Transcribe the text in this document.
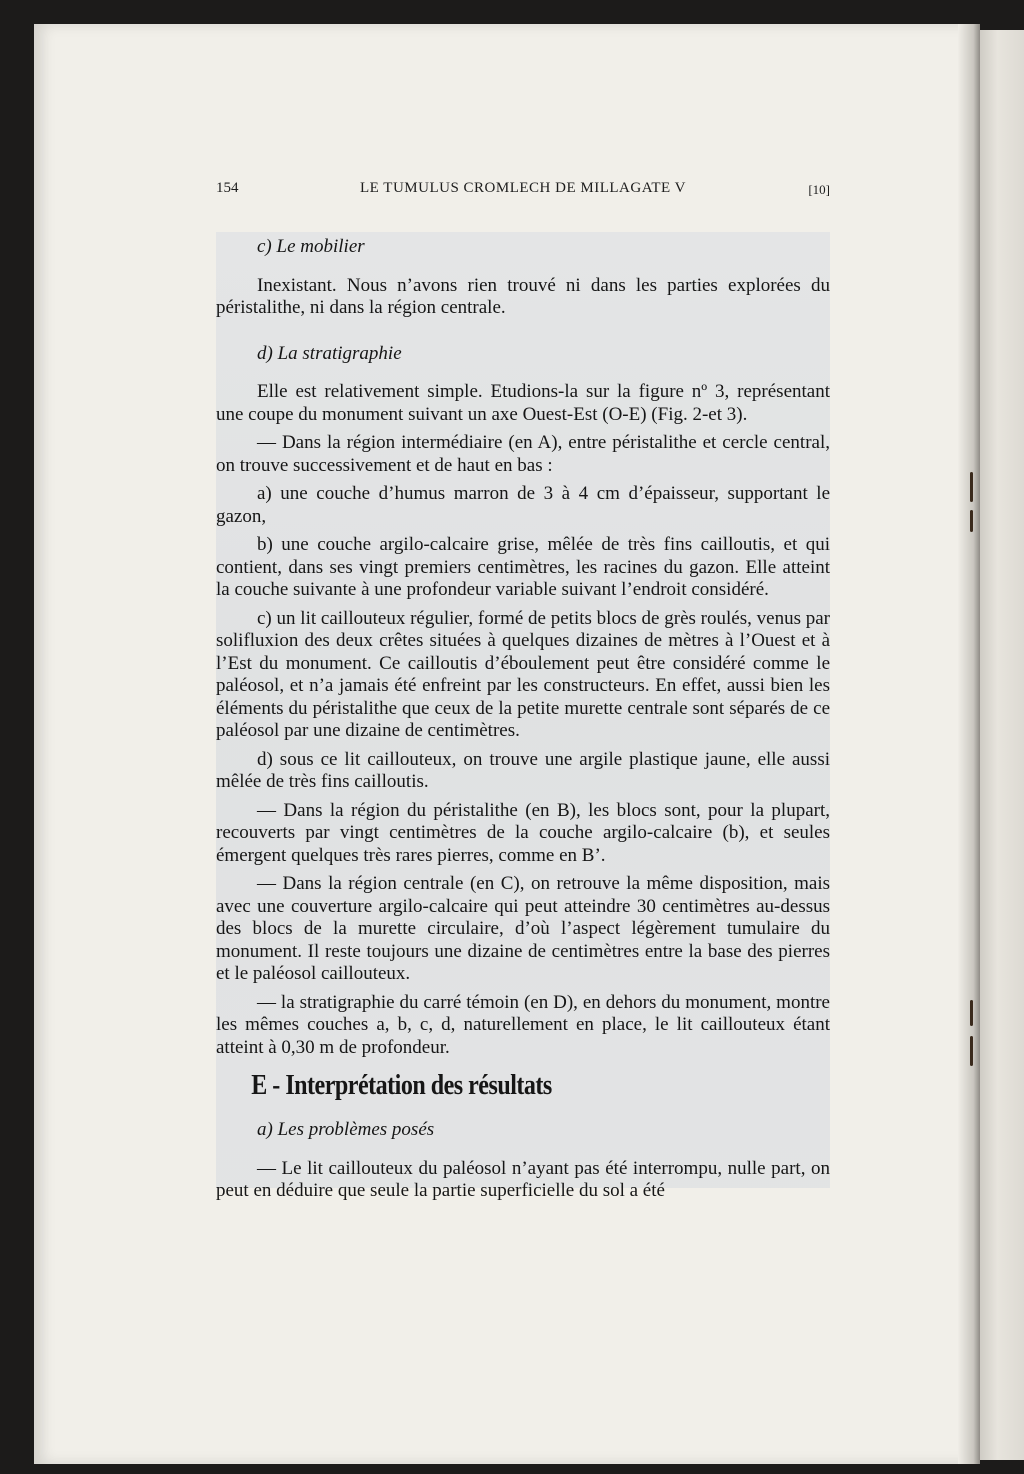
154	LE TUMULUS CROMLECH DE MILLAGATE V	[10]
c) Le mobilier

Inexistant. Nous n’avons rien trouvé ni dans les parties explorées du péristalithe, ni dans la région centrale.

d) La stratigraphie

Elle est relativement simple. Etudions-la sur la figure nº 3, représentant une coupe du monument suivant un axe Ouest-Est (O-E) (Fig. 2-et 3).

— Dans la région intermédiaire (en A), entre péristalithe et cercle central, on trouve successivement et de haut en bas :

a) une couche d’humus marron de 3 à 4 cm d’épaisseur, supportant le gazon,

b) une couche argilo-calcaire grise, mêlée de très fins cailloutis, et qui contient, dans ses vingt premiers centimètres, les racines du gazon. Elle atteint la couche suivante à une profondeur variable suivant l’endroit considéré.

c) un lit caillouteux régulier, formé de petits blocs de grès roulés, venus par solifluxion des deux crêtes situées à quelques dizaines de mètres à l’Ouest et à l’Est du monument. Ce cailloutis d’éboulement peut être considéré comme le paléosol, et n’a jamais été enfreint par les constructeurs. En effet, aussi bien les éléments du péristalithe que ceux de la petite murette centrale sont séparés de ce paléosol par une dizaine de centimètres.

d) sous ce lit caillouteux, on trouve une argile plastique jaune, elle aussi mêlée de très fins cailloutis.

— Dans la région du péristalithe (en B), les blocs sont, pour la plupart, recouverts par vingt centimètres de la couche argilo-calcaire (b), et seules émergent quelques très rares pierres, comme en B’.

— Dans la région centrale (en C), on retrouve la même disposition, mais avec une couverture argilo-calcaire qui peut atteindre 30 centimètres au-dessus des blocs de la murette circulaire, d’où l’aspect légèrement tumulaire du monument. Il reste toujours une dizaine de centimètres entre la base des pierres et le paléosol caillouteux.

— la stratigraphie du carré témoin (en D), en dehors du monument, montre les mêmes couches a, b, c, d, naturellement en place, le lit caillouteux étant atteint à 0,30 m de profondeur.

E - Interprétation des résultats
a) Les problèmes posés

— Le lit caillouteux du paléosol n’ayant pas été interrompu, nulle part, on peut en déduire que seule la partie superficielle du sol a été
